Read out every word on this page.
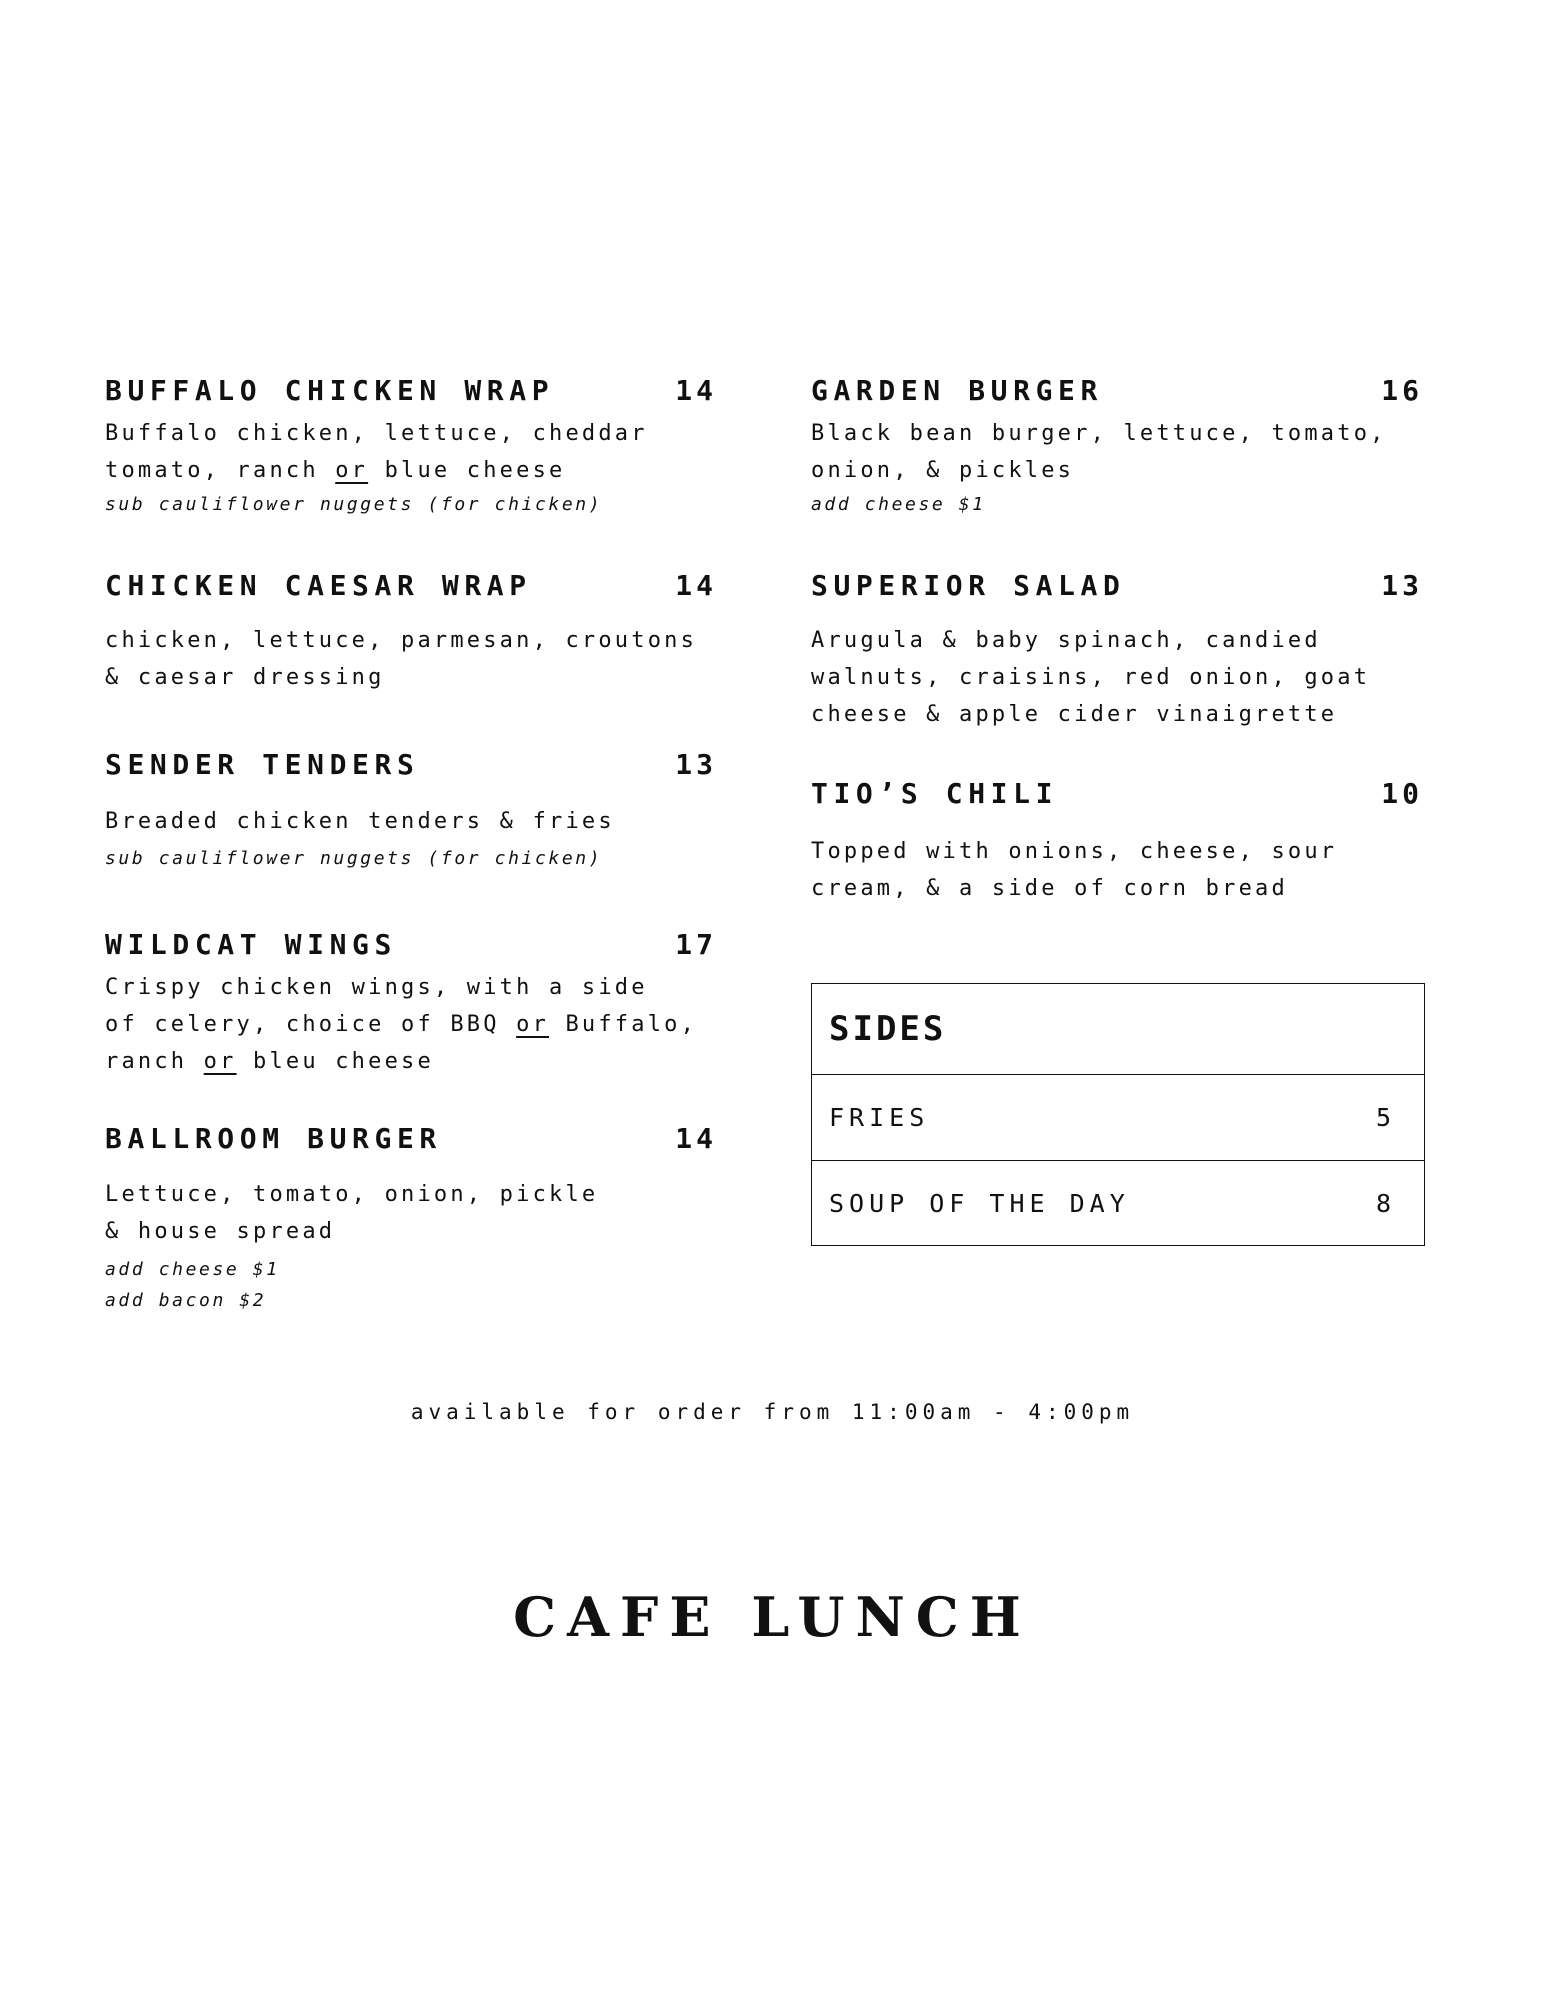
BUFFALO CHICKEN WRAP	14
Buffalo chicken, lettuce, cheddar
tomato, ranch or blue cheese
sub cauliflower nuggets (for chicken)
CHICKEN CAESAR WRAP	14
chicken, lettuce, parmesan, croutons
& caesar dressing
SENDER TENDERS	13
Breaded chicken tenders & fries
sub cauliflower nuggets (for chicken)
WILDCAT WINGS	17
Crispy chicken wings, with a side
of celery, choice of BBQ or Buffalo,
ranch or bleu cheese
BALLROOM BURGER	14
Lettuce, tomato, onion, pickle
& house spread
add cheese $1
add bacon $2
GARDEN BURGER	16
Black bean burger, lettuce, tomato,
onion, & pickles
add cheese $1
SUPERIOR SALAD	13
Arugula & baby spinach, candied
walnuts, craisins, red onion, goat
cheese & apple cider vinaigrette
TIO’S CHILI	10
Topped with onions, cheese, sour
cream, & a side of corn bread
SIDES
FRIES	5
SOUP OF THE DAY	8
available for order from 11:00am - 4:00pm
CAFE LUNCH
